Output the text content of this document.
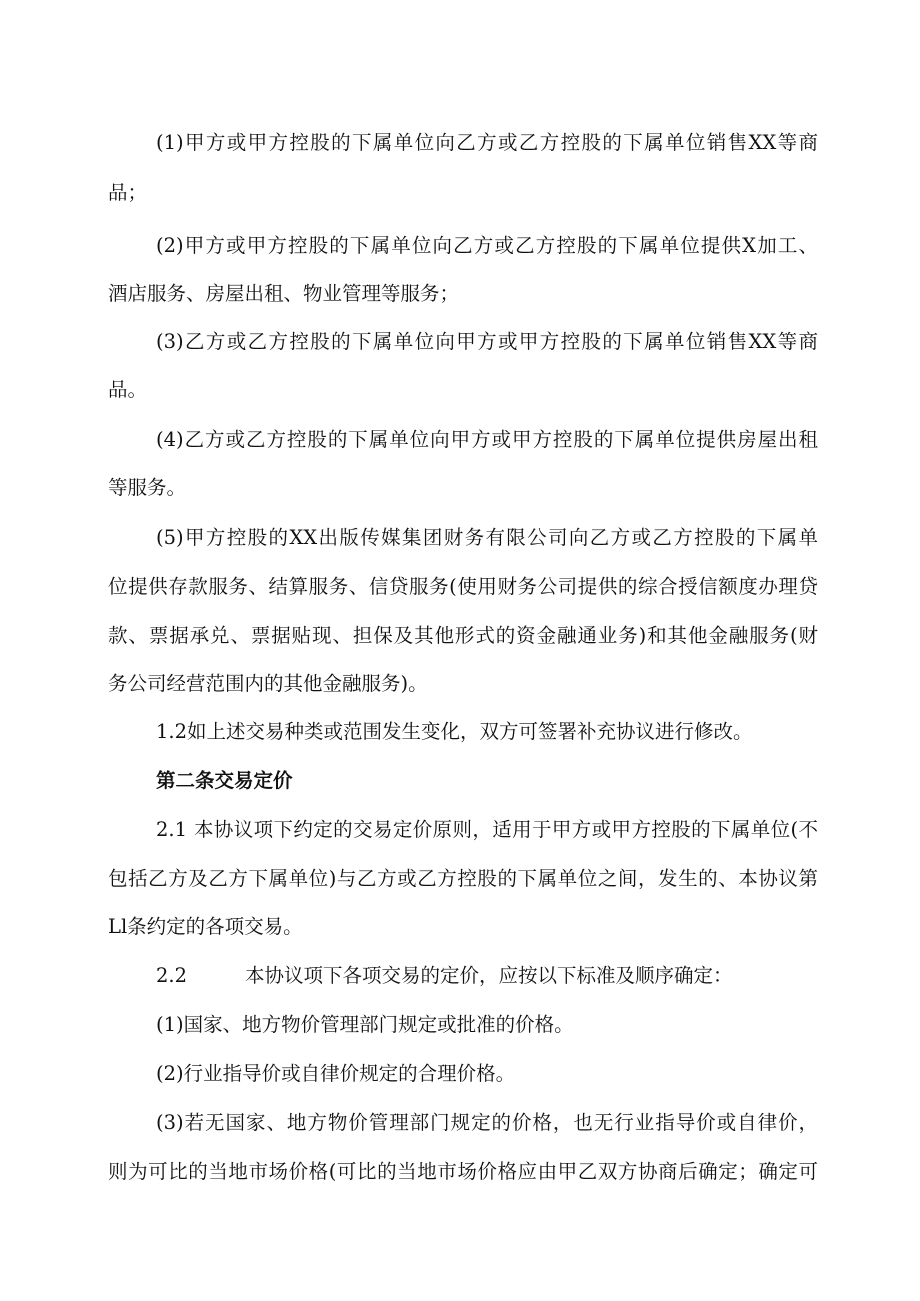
(1)甲方或甲方控股的下属单位向乙方或乙方控股的下属单位销售XX等商
品；
(2)甲方或甲方控股的下属单位向乙方或乙方控股的下属单位提供X加工、
酒店服务、房屋出租、物业管理等服务；
(3)乙方或乙方控股的下属单位向甲方或甲方控股的下属单位销售XX等商
品。
(4)乙方或乙方控股的下属单位向甲方或甲方控股的下属单位提供房屋出租
等服务。
(5)甲方控股的XX出版传媒集团财务有限公司向乙方或乙方控股的下属单
位提供存款服务、结算服务、信贷服务(使用财务公司提供的综合授信额度办理贷
款、票据承兑、票据贴现、担保及其他形式的资金融通业务)和其他金融服务(财
务公司经营范围内的其他金融服务)。
1.2如上述交易种类或范围发生变化，双方可签署补充协议进行修改。
第二条交易定价
2.1 本协议项下约定的交易定价原则，适用于甲方或甲方控股的下属单位(不
包括乙方及乙方下属单位)与乙方或乙方控股的下属单位之间，发生的、本协议第
Ll条约定的各项交易。
2.2	本协议项下各项交易的定价，应按以下标准及顺序确定：
(1)国家、地方物价管理部门规定或批准的价格。
(2)行业指导价或自律价规定的合理价格。
(3)若无国家、地方物价管理部门规定的价格，也无行业指导价或自律价，
则为可比的当地市场价格(可比的当地市场价格应由甲乙双方协商后确定；确定可
